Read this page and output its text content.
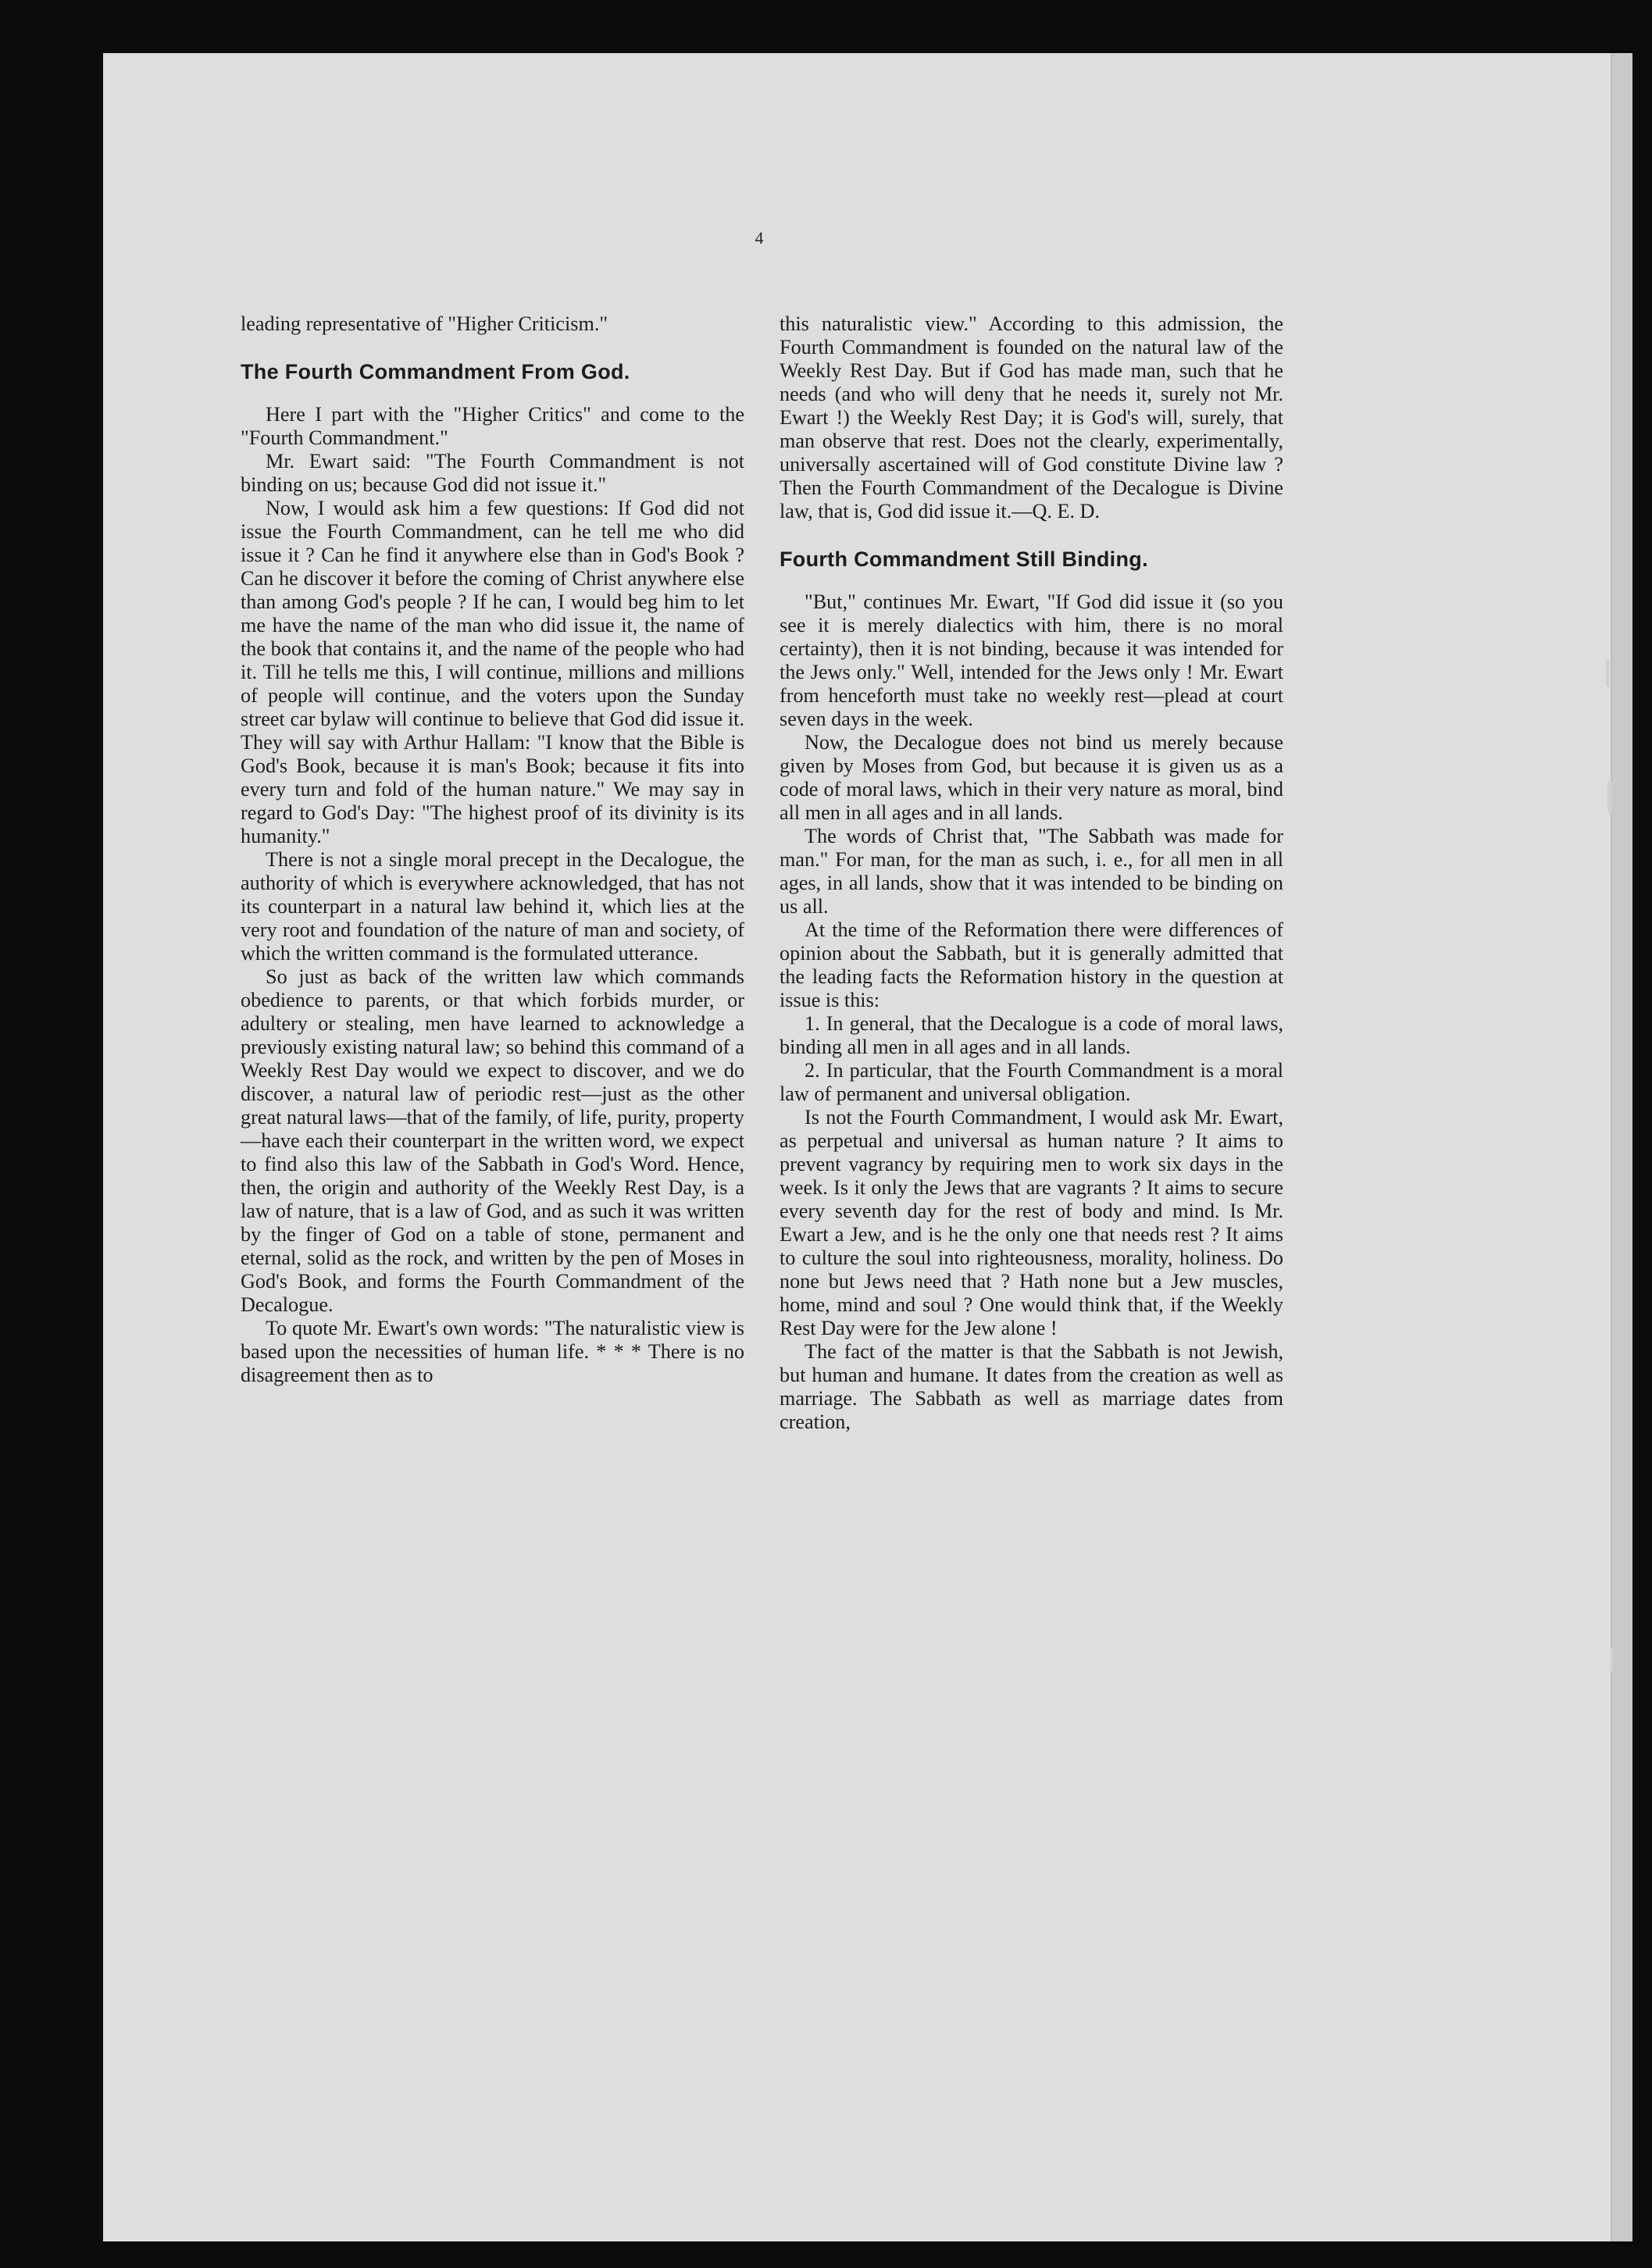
4

leading representative of "Higher Criticism."

The Fourth Commandment From God.

Here I part with the "Higher Critics" and come to the "Fourth Commandment."

Mr. Ewart said: "The Fourth Commandment is not binding on us; because God did not issue it."

Now, I would ask him a few questions: If God did not issue the Fourth Commandment, can he tell me who did issue it ? Can he find it anywhere else than in God's Book ? Can he discover it before the coming of Christ anywhere else than among God's people ? If he can, I would beg him to let me have the name of the man who did issue it, the name of the book that contains it, and the name of the people who had it. Till he tells me this, I will continue, millions and millions of people will continue, and the voters upon the Sunday street car bylaw will continue to believe that God did issue it. They will say with Arthur Hallam: "I know that the Bible is God's Book, because it is man's Book; because it fits into every turn and fold of the human nature." We may say in regard to God's Day: "The highest proof of its divinity is its humanity."

There is not a single moral precept in the Decalogue, the authority of which is everywhere acknowledged, that has not its counterpart in a natural law behind it, which lies at the very root and foundation of the nature of man and society, of which the written command is the formulated utterance.

So just as back of the written law which commands obedience to parents, or that which forbids murder, or adultery or stealing, men have learned to acknowledge a previously existing natural law; so behind this command of a Weekly Rest Day would we expect to discover, and we do discover, a natural law of periodic rest—just as the other great natural laws—that of the family, of life, purity, property—have each their counterpart in the written word, we expect to find also this law of the Sabbath in God's Word. Hence, then, the origin and authority of the Weekly Rest Day, is a law of nature, that is a law of God, and as such it was written by the finger of God on a table of stone, permanent and eternal, solid as the rock, and written by the pen of Moses in God's Book, and forms the Fourth Commandment of the Decalogue.

To quote Mr. Ewart's own words: "The naturalistic view is based upon the necessities of human life. * * * There is no disagreement then as to

this naturalistic view." According to this admission, the Fourth Commandment is founded on the natural law of the Weekly Rest Day. But if God has made man, such that he needs (and who will deny that he needs it, surely not Mr. Ewart !) the Weekly Rest Day; it is God's will, surely, that man observe that rest. Does not the clearly, experimentally, universally ascertained will of God constitute Divine law ? Then the Fourth Commandment of the Decalogue is Divine law, that is, God did issue it.—Q. E. D.

Fourth Commandment Still Binding.

"But," continues Mr. Ewart, "If God did issue it (so you see it is merely dialectics with him, there is no moral certainty), then it is not binding, because it was intended for the Jews only." Well, intended for the Jews only ! Mr. Ewart from henceforth must take no weekly rest—plead at court seven days in the week.

Now, the Decalogue does not bind us merely because given by Moses from God, but because it is given us as a code of moral laws, which in their very nature as moral, bind all men in all ages and in all lands.

The words of Christ that, "The Sabbath was made for man." For man, for the man as such, i. e., for all men in all ages, in all lands, show that it was intended to be binding on us all.

At the time of the Reformation there were differences of opinion about the Sabbath, but it is generally admitted that the leading facts the Reformation history in the question at issue is this:

1. In general, that the Decalogue is a code of moral laws, binding all men in all ages and in all lands.

2. In particular, that the Fourth Commandment is a moral law of permanent and universal obligation.

Is not the Fourth Commandment, I would ask Mr. Ewart, as perpetual and universal as human nature ? It aims to prevent vagrancy by requiring men to work six days in the week. Is it only the Jews that are vagrants ? It aims to secure every seventh day for the rest of body and mind. Is Mr. Ewart a Jew, and is he the only one that needs rest ? It aims to culture the soul into righteousness, morality, holiness. Do none but Jews need that ? Hath none but a Jew muscles, home, mind and soul ? One would think that, if the Weekly Rest Day were for the Jew alone !

The fact of the matter is that the Sabbath is not Jewish, but human and humane. It dates from the creation as well as marriage. The Sabbath as well as marriage dates from creation,
